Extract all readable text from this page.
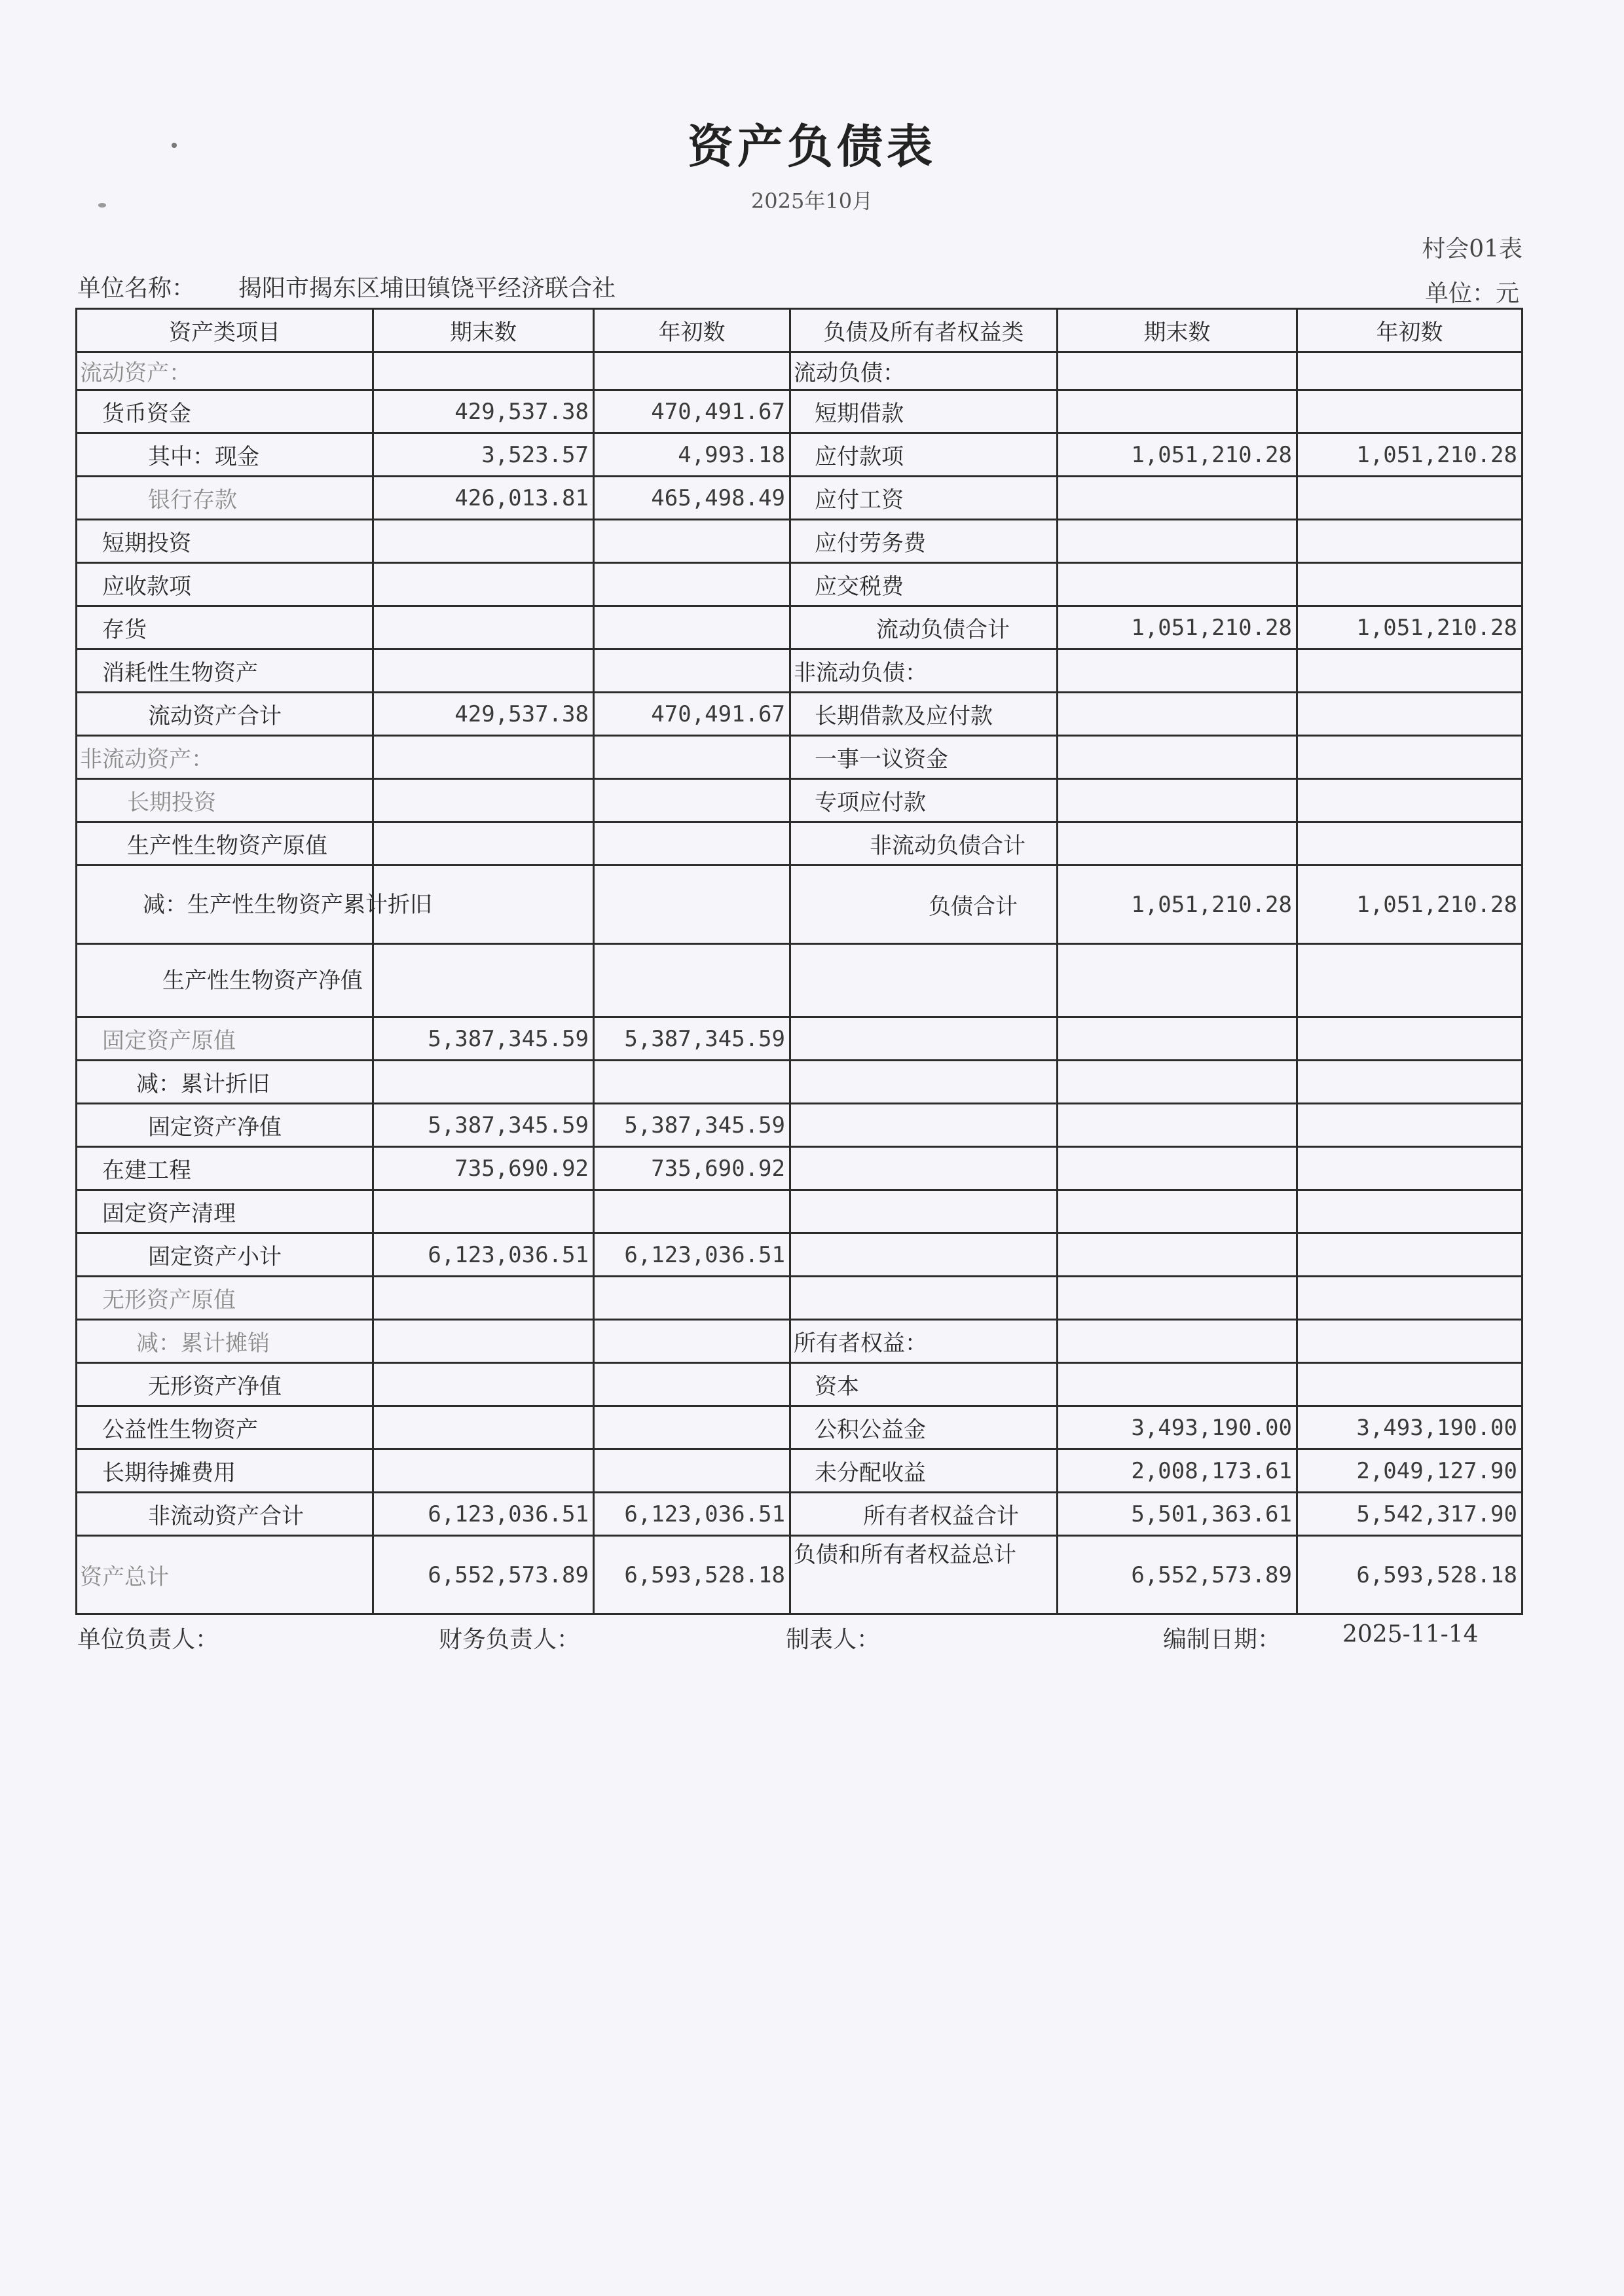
资产负债表
2025年10月
村会01表
单位名称： 揭阳市揭东区埔田镇饶平经济联合社	单位：元
资产类项目	期末数	年初数	负债及所有者权益类	期末数	年初数
流动资产：			流动负债：		
货币资金	429,537.38	470,491.67	短期借款		
其中：现金	3,523.57	4,993.18	应付款项	1,051,210.28	1,051,210.28
银行存款	426,013.81	465,498.49	应付工资		
短期投资			应付劳务费		
应收款项			应交税费		
存货			流动负债合计	1,051,210.28	1,051,210.28
消耗性生物资产			非流动负债：		
流动资产合计	429,537.38	470,491.67	长期借款及应付款		
非流动资产：			一事一议资金		
长期投资			专项应付款		
生产性生物资产原值			非流动负债合计		
减：生产性生物资产累计折旧			负债合计	1,051,210.28	1,051,210.28
生产性生物资产净值					
固定资产原值	5,387,345.59	5,387,345.59			
减：累计折旧					
固定资产净值	5,387,345.59	5,387,345.59			
在建工程	735,690.92	735,690.92			
固定资产清理					
固定资产小计	6,123,036.51	6,123,036.51			
无形资产原值					
减：累计摊销			所有者权益：		
无形资产净值			资本		
公益性生物资产			公积公益金	3,493,190.00	3,493,190.00
长期待摊费用			未分配收益	2,008,173.61	2,049,127.90
非流动资产合计	6,123,036.51	6,123,036.51	所有者权益合计	5,501,363.61	5,542,317.90
资产总计	6,552,573.89	6,593,528.18	负债和所有者权益总计	6,552,573.89	6,593,528.18
单位负责人：	财务负责人：	制表人：	编制日期：	2025-11-14
